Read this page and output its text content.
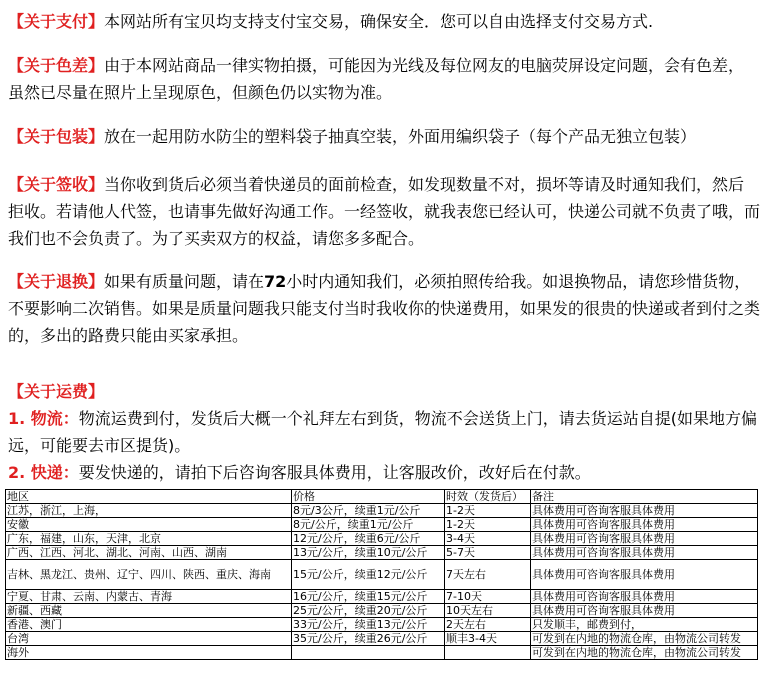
【关于支付】本网站所有宝贝均支持支付宝交易，确保安全．您可以自由选择支付交易方式.
【关于色差】由于本网站商品一律实物拍摄，可能因为光线及每位网友的电脑荧屏设定问题，会有色差，虽然已尽量在照片上呈现原色，但颜色仍以实物为准。
【关于包装】放在一起用防水防尘的塑料袋子抽真空装，外面用编织袋子（每个产品无独立包装）
【关于签收】当你收到货后必须当着快递员的面前检查，如发现数量不对，损坏等请及时通知我们，然后拒收。若请他人代签，也请事先做好沟通工作。一经签收，就我表您已经认可，快递公司就不负责了哦，而我们也不会负责了。为了买卖双方的权益，请您多多配合。
【关于退换】如果有质量问题，请在72小时内通知我们，必须拍照传给我。如退换物品，请您珍惜货物，不要影响二次销售。如果是质量问题我只能支付当时我收你的快递费用，如果发的很贵的快递或者到付之类的，多出的路费只能由买家承担。
【关于运费】
1. 物流：物流运费到付，发货后大概一个礼拜左右到货，物流不会送货上门，请去货运站自提(如果地方偏远，可能要去市区提货)。
2. 快递：要发快递的，请拍下后咨询客服具体费用，让客服改价，改好后在付款。
地区	价格	时效（发货后）	备注
江苏，浙江，上海，	8元/3公斤，续重1元/公斤	1-2天	具体费用可咨询客服具体费用
安徽	8元/公斤，续重1元/公斤	1-2天	具体费用可咨询客服具体费用
广东，福建，山东，天津，北京	12元/公斤，续重6元/公斤	3-4天	具体费用可咨询客服具体费用
广西、江西、河北、湖北、河南、山西、湖南	13元/公斤，续重10元/公斤	5-7天	具体费用可咨询客服具体费用
吉林、黑龙江、贵州、辽宁、四川、陕西、重庆、海南	15元/公斤，续重12元/公斤	7天左右	具体费用可咨询客服具体费用
宁夏、甘肃、云南、内蒙古、青海	16元/公斤，续重15元/公斤	7-10天	具体费用可咨询客服具体费用
新疆、西藏	25元/公斤，续重20元/公斤	10天左右	具体费用可咨询客服具体费用
香港、澳门	33元/公斤，续重13元/公斤	2天左右	只发顺丰，邮费到付，
台湾	35元/公斤，续重26元/公斤	顺丰3-4天	可发到在内地的物流仓库，由物流公司转发
海外			可发到在内地的物流仓库，由物流公司转发
